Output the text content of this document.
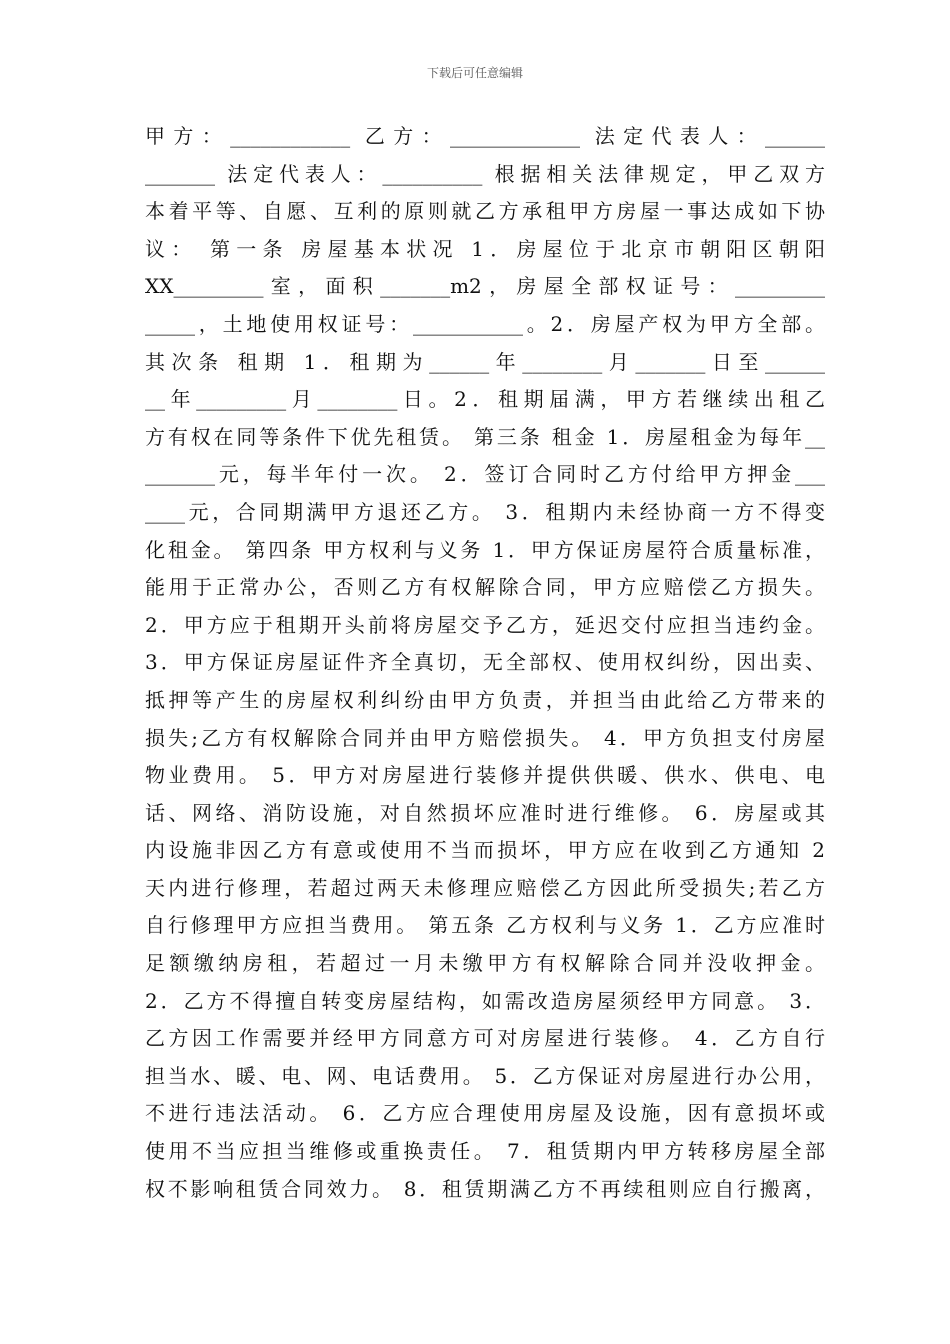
下载后可任意编辑
甲方：____________ 乙方：_____________ 法定代表人：______
_______ 法定代表人：__________ 根据相关法律规定，甲乙双方
本着平等、自愿、互利的原则就乙方承租甲方房屋一事达成如下协
议： 第一条 房屋基本状况 1．房屋位于北京市朝阳区朝阳
XX_________室，面积_______m2，房屋全部权证号：_________
_____，土地使用权证号：___________。2．房屋产权为甲方全部。
其次条 租期 1．租期为______年________月_______日至______
__年_________月________日。2．租期届满，甲方若继续出租乙
方有权在同等条件下优先租赁。 第三条 租金 1．房屋租金为每年__
_______元，每半年付一次。 2．签订合同时乙方付给甲方押金___
____元，合同期满甲方退还乙方。 3．租期内未经协商一方不得变
化租金。 第四条 甲方权利与义务 1．甲方保证房屋符合质量标准，
能用于正常办公，否则乙方有权解除合同，甲方应赔偿乙方损失。
2．甲方应于租期开头前将房屋交予乙方，延迟交付应担当违约金。
3．甲方保证房屋证件齐全真切，无全部权、使用权纠纷，因出卖、
抵押等产生的房屋权利纠纷由甲方负责，并担当由此给乙方带来的
损失;乙方有权解除合同并由甲方赔偿损失。 4．甲方负担支付房屋
物业费用。 5．甲方对房屋进行装修并提供供暖、供水、供电、电
话、网络、消防设施，对自然损坏应准时进行维修。 6．房屋或其
内设施非因乙方有意或使用不当而损坏，甲方应在收到乙方通知 2
天内进行修理，若超过两天未修理应赔偿乙方因此所受损失;若乙方
自行修理甲方应担当费用。 第五条 乙方权利与义务 1．乙方应准时
足额缴纳房租，若超过一月未缴甲方有权解除合同并没收押金。
2．乙方不得擅自转变房屋结构，如需改造房屋须经甲方同意。 3．
乙方因工作需要并经甲方同意方可对房屋进行装修。 4．乙方自行
担当水、暖、电、网、电话费用。 5．乙方保证对房屋进行办公用，
不进行违法活动。 6．乙方应合理使用房屋及设施，因有意损坏或
使用不当应担当维修或重换责任。 7．租赁期内甲方转移房屋全部
权不影响租赁合同效力。 8．租赁期满乙方不再续租则应自行搬离，
